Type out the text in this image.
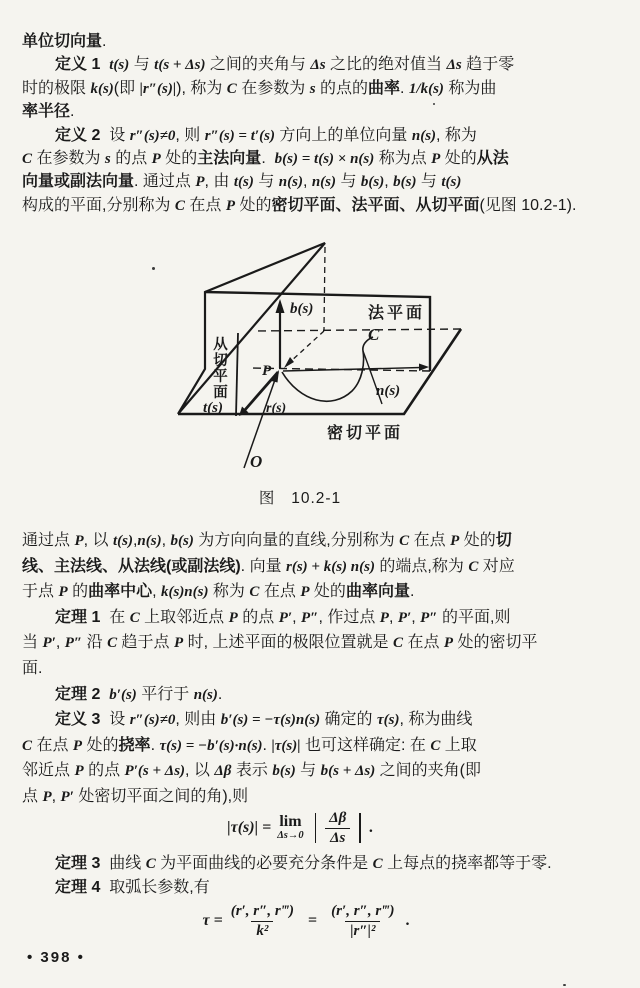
单位切向量.
定义 1 t(s) 与 t(s + Δs) 之间的夹角与 Δs 之比的绝对值当 Δs 趋于零
时的极限 k(s)(即 |r″(s)|), 称为 C 在参数为 s 的点的曲率. 1/k(s) 称为曲
率半径.
定义 2  设 r″(s)≠0, 则 r″(s) = t′(s) 方向上的单位向量 n(s), 称为
C 在参数为 s 的点 P 处的主法向量.  b(s) = t(s) × n(s) 称为点 P 处的从法
向量或副法向量. 通过点 P, 由 t(s) 与 n(s), n(s) 与 b(s), b(s) 与 t(s)
构成的平面,分别称为 C 在点 P 处的密切平面、法平面、从切平面(见图 10.2-1).
b(s)	法平面
C
n(s)
密切平面
t(s)
P
r(s)
O
从切平面
图   10.2-1
通过点 P, 以 t(s),n(s), b(s) 为方向向量的直线,分别称为 C 在点 P 处的切
线、主法线、从法线(或副法线). 向量 r(s) + k(s) n(s) 的端点,称为 C 对应
于点 P 的曲率中心, k(s)n(s) 称为 C 在点 P 处的曲率向量.
定理 1  在 C 上取邻近点 P 的点 P′, P″, 作过点 P, P′, P″ 的平面,则
当 P′, P″ 沿 C 趋于点 P 时, 上述平面的极限位置就是 C 在点 P 处的密切平
面.
定理 2 b′(s) 平行于 n(s).
定义 3  设 r″(s)≠0, 则由 b′(s) = −τ(s)n(s) 确定的 τ(s), 称为曲线
C 在点 P 处的挠率. τ(s) = −b′(s)·n(s). |τ(s)| 也可这样确定: 在 C 上取
邻近点 P 的点 P′(s + Δs), 以 Δβ 表示 b(s) 与 b(s + Δs) 之间的夹角(即
点 P, P′ 处密切平面之间的角),则
|τ(s)| = lim
$\Delta s\to 0 \frac{\Delta\beta}{\Delta s}$ .
定理 3  曲线 C 为平面曲线的必要充分条件是 C 上每点的挠率都等于零.
定理 4  取弧长参数,有
$\tau = \frac{(r', r'', r‴)}{\text{k²}} = \frac{(r', r'', r‴)}{\text{|r″|²}}$ .
• 398 •
